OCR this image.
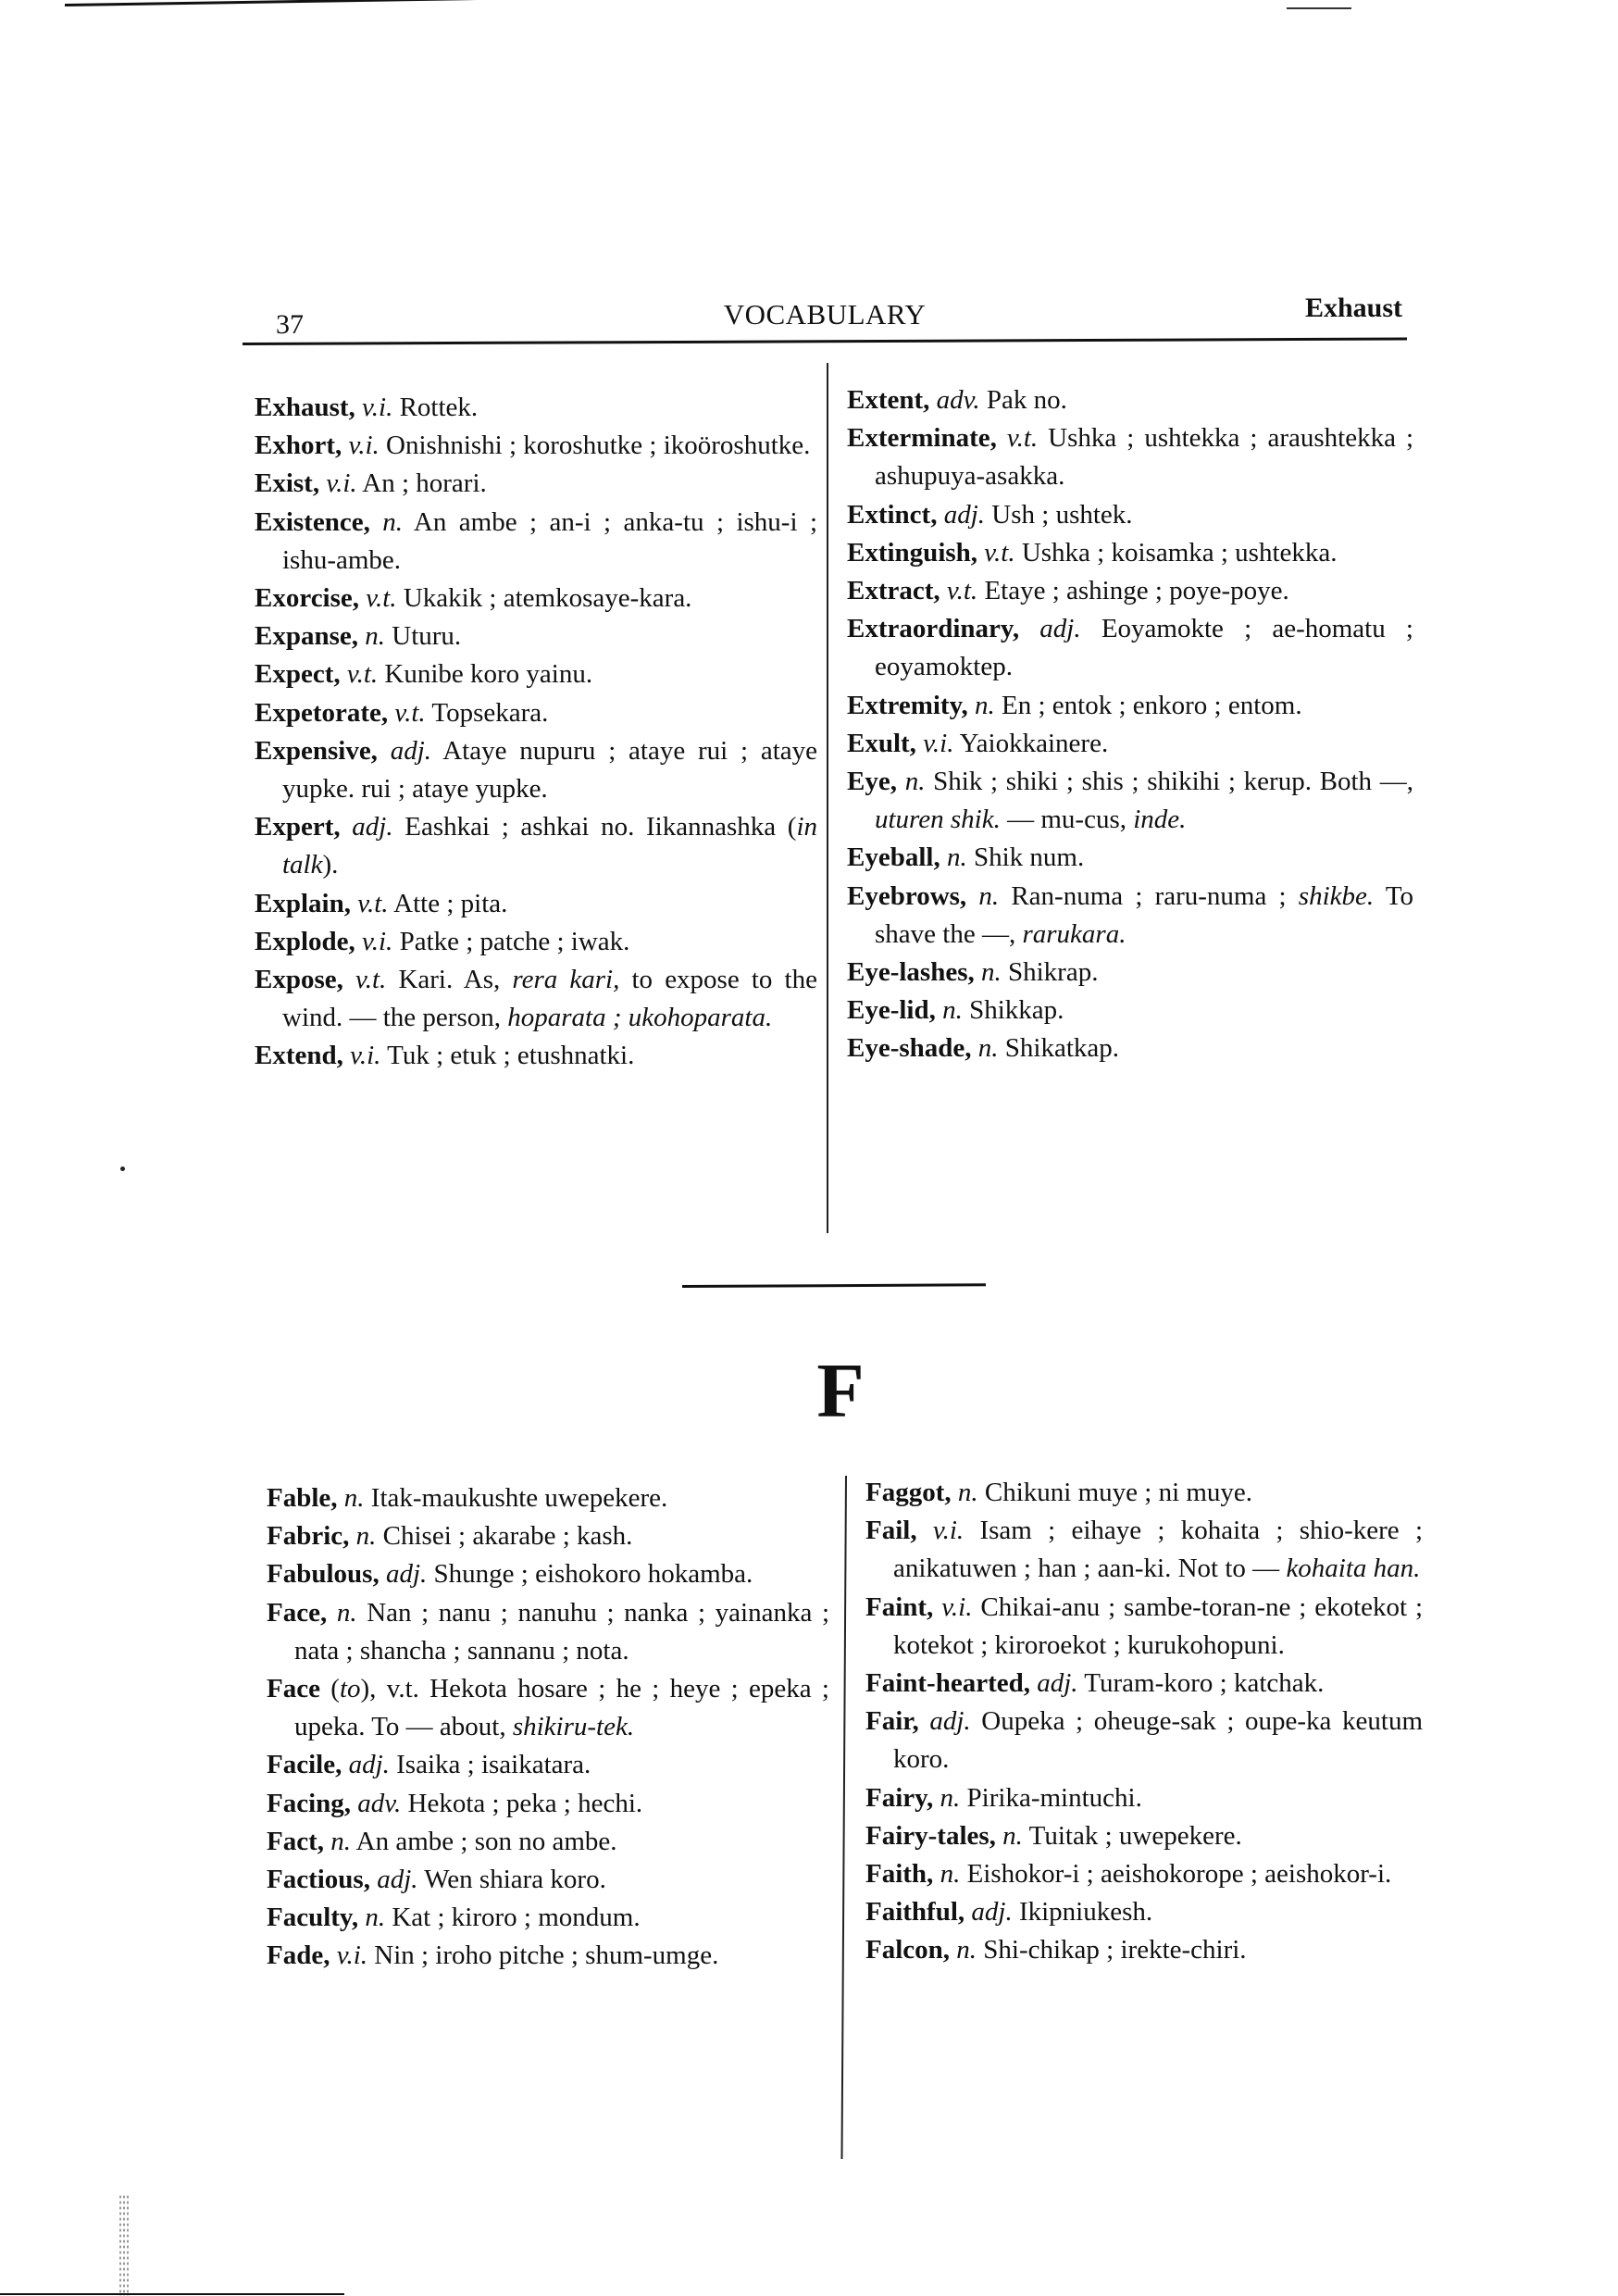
37	VOCABULARY	Exhaust

Exhaust, v.i. Rottek.

Exhort, v.i. Onishnishi ; koroshutke ; ikoöroshutke.

Exist, v.i. An ; horari.

Existence, n. An ambe ; an-i ; anka-tu ; ishu-i ; ishu-ambe.

Exorcise, v.t. Ukakik ; atemkosaye-kara.

Expanse, n. Uturu.

Expect, v.t. Kunibe koro yainu.

Expetorate, v.t. Topsekara.

Expensive, adj. Ataye nupuru ; ataye rui ; ataye yupke. rui ; ataye yupke.

Expert, adj. Eashkai ; ashkai no. Iikannashka (in talk).

Explain, v.t. Atte ; pita.

Explode, v.i. Patke ; patche ; iwak.

Expose, v.t. Kari. As, rera kari, to expose to the wind. — the person, hoparata ; ukohoparata.

Extend, v.i. Tuk ; etuk ; etushnatki.

Extent, adv. Pak no.

Exterminate, v.t. Ushka ; ushtekka ; araushtekka ; ashupuya-asakka.

Extinct, adj. Ush ; ushtek.

Extinguish, v.t. Ushka ; koisamka ; ushtekka.

Extract, v.t. Etaye ; ashinge ; poye-poye.

Extraordinary, adj. Eoyamokte ; ae-homatu ; eoyamoktep.

Extremity, n. En ; entok ; enkoro ; entom.

Exult, v.i. Yaiokkainere.

Eye, n. Shik ; shiki ; shis ; shikihi ; kerup. Both —, uturen shik. — mu-cus, inde.

Eyeball, n. Shik num.

Eyebrows, n. Ran-numa ; raru-numa ; shikbe. To shave the —, rarukara.

Eye-lashes, n. Shikrap.

Eye-lid, n. Shikkap.

Eye-shade, n. Shikatkap.

F

Fable, n. Itak-maukushte uwepekere.

Fabric, n. Chisei ; akarabe ; kash.

Fabulous, adj. Shunge ; eishokoro hokamba.

Face, n. Nan ; nanu ; nanuhu ; nanka ; yainanka ; nata ; shancha ; sannanu ; nota.

Face (to), v.t. Hekota hosare ; he ; heye ; epeka ; upeka. To — about, shikiru-tek.

Facile, adj. Isaika ; isaikatara.

Facing, adv. Hekota ; peka ; hechi.

Fact, n. An ambe ; son no ambe.

Factious, adj. Wen shiara koro.

Faculty, n. Kat ; kiroro ; mondum.

Fade, v.i. Nin ; iroho pitche ; shum-umge.

Faggot, n. Chikuni muye ; ni muye.

Fail, v.i. Isam ; eihaye ; kohaita ; shio-kere ; anikatuwen ; han ; aan-ki. Not to — kohaita han.

Faint, v.i. Chikai-anu ; sambe-toran-ne ; ekotekot ; kotekot ; kiroroekot ; kurukohopuni.

Faint-hearted, adj. Turam-koro ; katchak.

Fair, adj. Oupeka ; oheuge-sak ; oupe-ka keutum koro.

Fairy, n. Pirika-mintuchi.

Fairy-tales, n. Tuitak ; uwepekere.

Faith, n. Eishokor-i ; aeishokorope ; aeishokor-i.

Faithful, adj. Ikipniukesh.

Falcon, n. Shi-chikap ; irekte-chiri.
